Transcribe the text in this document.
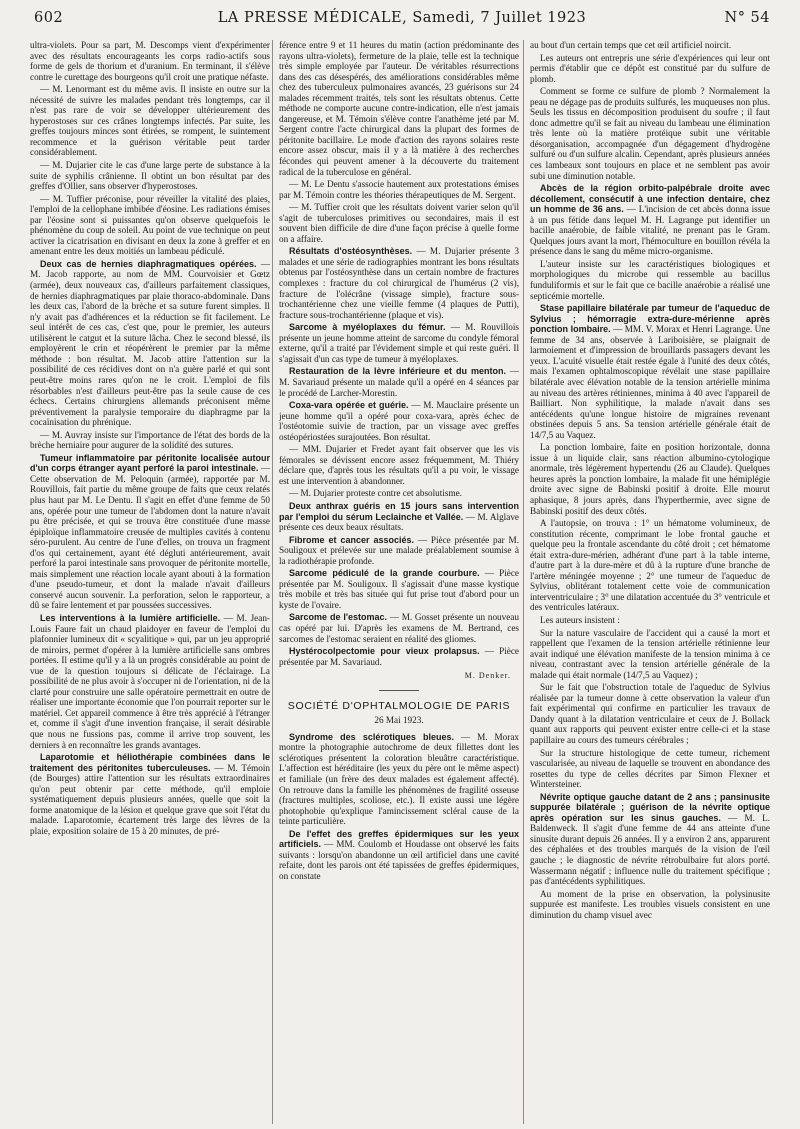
602	LA PRESSE MÉDICALE, Samedi, 7 Juillet 1923	N° 54

ultra-violets. Pour sa part, M. Descomps vient d'expérimenter avec des résultats encourageants les corps radio-actifs sous forme de gels de thorium et d'uranium. En terminant, il s'élève contre le curettage des bourgeons qu'il croit une pratique néfaste.

— M. Lenormant est du même avis. Il insiste en outre sur la nécessité de suivre les malades pendant très longtemps, car il n'est pas rare de voir se développer ultérieurement des hyperostoses sur ces crânes longtemps infectés. Par suite, les greffes toujours minces sont étirées, se rompent, le suintement recommence et la guérison véritable peut tarder considérablement.

— M. Dujarier cite le cas d'une large perte de substance à la suite de syphilis crânienne. Il obtint un bon résultat par des greffes d'Ollier, sans observer d'hyperostoses.

— M. Tuffier préconise, pour réveiller la vitalité des plaies, l'emploi de la cellophane imbibée d'éosine. Les radiations émises par l'éosine sont si puissantes qu'on observe quelquefois le phénomène du coup de soleil. Au point de vue technique on peut activer la cicatrisation en divisant en deux la zone à greffer et en amenant entre les deux moitiés un lambeau pédiculé.

Deux cas de hernies diaphragmatiques opérées. — M. Jacob rapporte, au nom de MM. Courvoisier et Gœtz (armée), deux nouveaux cas, d'ailleurs parfaitement classiques, de hernies diaphragmatiques par plaie thoraco-abdominale. Dans les deux cas, l'abord de la brèche et sa suture furent simples. Il n'y avait pas d'adhérences et la réduction se fit facilement. Le seul intérêt de ces cas, c'est que, pour le premier, les auteurs utilisèrent le catgut et la suture lâcha. Chez le second blessé, ils employèrent le crin et réopérèrent le premier par la même méthode : bon résultat. M. Jacob attire l'attention sur la possibilité de ces récidives dont on n'a guère parlé et qui sont peut-être moins rares qu'on ne le croit. L'emploi de fils résorbables n'est d'ailleurs peut-être pas la seule cause de ces échecs. Certains chirurgiens allemands préconisent même préventivement la paralysie temporaire du diaphragme par la cocaïnisation du phrénique.

— M. Auvray insiste sur l'importance de l'état des bords de la brèche herniaire pour augurer de la solidité des sutures.

Tumeur inflammatoire par péritonite localisée autour d'un corps étranger ayant perforé la paroi intestinale. — Cette observation de M. Peloquin (armée), rapportée par M. Rouvillois, fait partie du même groupe de faits que ceux relatés plus haut par M. Le Dentu. Il s'agit en effet d'une femme de 50 ans, opérée pour une tumeur de l'abdomen dont la nature n'avait pu être précisée, et qui se trouva être constituée d'une masse épiploïque inflammatoire creusée de multiples cavités à contenu séro-purulent. Au centre de l'une d'elles, on trouva un fragment d'os qui certainement, ayant été dégluti antérieurement, avait perforé la paroi intestinale sans provoquer de péritonite mortelle, mais simplement une réaction locale ayant abouti à la formation d'une pseudo-tumeur, et dont la malade n'avait d'ailleurs conservé aucun souvenir. La perforation, selon le rapporteur, a dû se faire lentement et par poussées successives.

Les interventions à la lumière artificielle. — M. Jean-Louis Faure fait un chaud plaidoyer en faveur de l'emploi du plafonnier lumineux dit « scyalitique » qui, par un jeu approprié de miroirs, permet d'opérer à la lumière artificielle sans ombres portées. Il estime qu'il y a là un progrès considérable au point de vue de la question toujours si délicate de l'éclairage. La possibilité de ne plus avoir à s'occuper ni de l'orientation, ni de la clarté pour construire une salle opératoire permettrait en outre de réaliser une importante économie que l'on pourrait reporter sur le matériel. Cet appareil commence à être très apprécié à l'étranger et, comme il s'agit d'une invention française, il serait désirable que nous ne fussions pas, comme il arrive trop souvent, les derniers à en reconnaître les grands avantages.

Laparotomie et héliothérapie combinées dans le traitement des péritonites tuberculeuses. — M. Témoin (de Bourges) attire l'attention sur les résultats extraordinaires qu'on peut obtenir par cette méthode, qu'il emploie systématiquement depuis plusieurs années, quelle que soit la forme anatomique de la lésion et quelque grave que soit l'état du malade. Laparotomie, écartement très large des lèvres de la plaie, exposition solaire de 15 à 20 minutes, de pré-

férence entre 9 et 11 heures du matin (action prédominante des rayons ultra-violets), fermeture de la plaie, telle est la technique très simple employée par l'auteur. De véritables résurrections dans des cas désespérés, des améliorations considérables même chez des tuberculeux pulmonaires avancés, 23 guérisons sur 24 malades récemment traités, tels sont les résultats obtenus. Cette méthode ne comporte aucune contre-indication, elle n'est jamais dangereuse, et M. Témoin s'élève contre l'anathème jeté par M. Sergent contre l'acte chirurgical dans la plupart des formes de péritonite bacillaire. Le mode d'action des rayons solaires reste encore assez obscur, mais il y a là matière à des recherches fécondes qui peuvent amener à la découverte du traitement radical de la tuberculose en général.

— M. Le Dentu s'associe hautement aux protestations émises par M. Témoin contre les théories thérapeutiques de M. Sergent.

— M. Tuffier croit que les résultats doivent varier selon qu'il s'agit de tuberculoses primitives ou secondaires, mais il est souvent bien difficile de dire d'une façon précise à quelle forme on a affaire.

Résultats d'ostéosynthèses. — M. Dujarier présente 3 malades et une série de radiographies montrant les bons résultats obtenus par l'ostéosynthèse dans un certain nombre de fractures complexes : fracture du col chirurgical de l'humérus (2 vis), fracture de l'olécrâne (vissage simple), fracture sous-trochantérienne chez une vieille femme (4 plaques de Putti), fracture sous-trochantérienne (plaque et vis).

Sarcome à myéloplaxes du fémur. — M. Rouvillois présente un jeune homme atteint de sarcome du condyle fémoral externe, qu'il a traité par l'évidement simple et qui reste guéri. Il s'agissait d'un cas type de tumeur à myéloplaxes.

Restauration de la lèvre inférieure et du menton. — M. Savariaud présente un malade qu'il a opéré en 4 séances par le procédé de Larcher-Morestin.

Coxa-vara opérée et guérie. — M. Mauclaire présente un jeune homme qu'il a opéré pour coxa-vara, après échec de l'ostéotomie suivie de traction, par un vissage avec greffes ostéopériostées surajoutées. Bon résultat.

— MM. Dujarier et Fredet ayant fait observer que les vis fémorales se dévissent encore assez fréquemment, M. Thiéry déclare que, d'après tous les résultats qu'il a pu voir, le vissage est une intervention à abandonner.

— M. Dujarier proteste contre cet absolutisme.

Deux anthrax guéris en 15 jours sans intervention par l'emploi du sérum Leclainche et Vallée. — M. Alglave présente ces deux beaux résultats.

Fibrome et cancer associés. — Pièce présentée par M. Souligoux et prélevée sur une malade préalablement soumise à la radiothérapie profonde.

Sarcome pédiculé de la grande courbure. — Pièce présentée par M. Souligoux. Il s'agissait d'une masse kystique très mobile et très bas située qui fut prise tout d'abord pour un kyste de l'ovaire.

Sarcome de l'estomac. — M. Gosset présente un nouveau cas opéré par lui. D'après les examens de M. Bertrand, ces sarcomes de l'estomac seraient en réalité des gliomes.

Hystérocolpectomie pour vieux prolapsus. — Pièce présentée par M. Savariaud.

M. Denker.
SOCIÉTÉ D'OPHTALMOLOGIE DE PARIS
26 Mai 1923.

Syndrome des sclérotiques bleues. — M. Morax montre la photographie autochrome de deux fillettes dont les sclérotiques présentent la coloration bleuâtre caractéristique. L'affection est héréditaire (les yeux du père ont le même aspect) et familiale (un frère des deux malades est également affecté). On retrouve dans la famille les phénomènes de fragilité osseuse (fractures multiples, scoliose, etc.). Il existe aussi une légère photophobie qu'explique l'amincissement scléral cause de la teinte particulière.

De l'effet des greffes épidermiques sur les yeux artificiels. — MM. Coulomb et Houdasse ont observé les faits suivants : lorsqu'on abandonne un œil artificiel dans une cavité refaite, dont les parois ont été tapissées de greffes épidermiques, on constate

au bout d'un certain temps que cet œil artificiel noircit.

Les auteurs ont entrepris une série d'expériences qui leur ont permis d'établir que ce dépôt est constitué par du sulfure de plomb.

Comment se forme ce sulfure de plomb ? Normalement la peau ne dégage pas de produits sulfurés, les muqueuses non plus. Seuls les tissus en décomposition produisent du soufre ; il faut donc admettre qu'il se fait au niveau du lambeau une élimination très lente où la matière protéique subit une véritable désorganisation, accompagnée d'un dégagement d'hydrogène sulfuré ou d'un sulfure alcalin. Cependant, après plusieurs années ces lambeaux sont toujours en place et ne semblent pas avoir subi une diminution notable.

Abcès de la région orbito-palpébrale droite avec décollement, consécutif à une infection dentaire, chez un homme de 36 ans. — L'incision de cet abcès donna issue à un pus fétide dans lequel M. H. Lagrange put identifier un bacille anaérobie, de faible vitalité, ne prenant pas le Gram. Quelques jours avant la mort, l'hémoculture en bouillon révéla la présence dans le sang du même micro-organisme.

L'auteur insiste sur les caractéristiques biologiques et morphologiques du microbe qui ressemble au bacillus funduliformis et sur le fait que ce bacille anaérobie a réalisé une septicémie mortelle.

Stase papillaire bilatérale par tumeur de l'aqueduc de Sylvius ; hémorragie extra-dure-mérienne après ponction lombaire. — MM. V. Morax et Henri Lagrange. Une femme de 34 ans, observée à Lariboisière, se plaignait de larmoiement et d'impression de brouillards passagers devant les yeux. L'acuité visuelle était restée égale à l'unité des deux côtés, mais l'examen ophtalmoscopique révélait une stase papillaire bilatérale avec élévation notable de la tension artérielle minima au niveau des artères rétiniennes, minima à 40 avec l'appareil de Bailliart. Non syphilitique, la malade n'avait dans ses antécédents qu'une longue histoire de migraines revenant obstinées depuis 5 ans. Sa tension artérielle générale était de 14/7,5 au Vaquez.

La ponction lombaire, faite en position horizontale, donna issue à un liquide clair, sans réaction albumino-cytologique anormale, très légèrement hypertendu (26 au Claude). Quelques heures après la ponction lombaire, la malade fit une hémiplégie droite avec signe de Babinski positif à droite. Elle mourut aphasique, 8 jours après, dans l'hyperthermie, avec signe de Babinski positif des deux côtés.

A l'autopsie, on trouva : 1° un hématome volumineux, de constitution récente, comprimant le lobe frontal gauche et quelque peu la frontale ascendante du côté droit ; cet hématome était extra-dure-mérien, adhérant d'une part à la table interne, d'autre part à la dure-mère et dû à la rupture d'une branche de l'artère méningée moyenne ; 2° une tumeur de l'aqueduc de Sylvius, oblitérant totalement cette voie de communication interventriculaire ; 3° une dilatation accentuée du 3° ventricule et des ventricules latéraux.

Les auteurs insistent :

Sur la nature vasculaire de l'accident qui a causé la mort et rappellent que l'examen de la tension artérielle rétinienne leur avait indiqué une élévation manifeste de la tension minima à ce niveau, contrastant avec la tension artérielle générale de la malade qui était normale (14/7,5 au Vaquez) ;

Sur le fait que l'obstruction totale de l'aqueduc de Sylvius réalisée par la tumeur donne à cette observation la valeur d'un fait expérimental qui confirme en particulier les travaux de Dandy quant à la dilatation ventriculaire et ceux de J. Bollack quant aux rapports qui peuvent exister entre celle-ci et la stase papillaire au cours des tumeurs cérébrales ;

Sur la structure histologique de cette tumeur, richement vascularisée, au niveau de laquelle se trouvent en abondance des rosettes du type de celles décrites par Simon Flexner et Wintersteiner.

Névrite optique gauche datant de 2 ans ; pansinusite suppurée bilatérale ; guérison de la névrite optique après opération sur les sinus gauches. — M. L. Baldenweck. Il s'agit d'une femme de 44 ans atteinte d'une sinusite durant depuis 26 années. Il y a environ 2 ans, apparurent des céphalées et des troubles marqués de la vision de l'œil gauche ; le diagnostic de névrite rétrobulbaire fut alors porté. Wassermann négatif ; influence nulle du traitement spécifique ; pas d'antécédents syphilitiques.

Au moment de la prise en observation, la polysinusite suppurée est manifeste. Les troubles visuels consistent en une diminution du champ visuel avec
